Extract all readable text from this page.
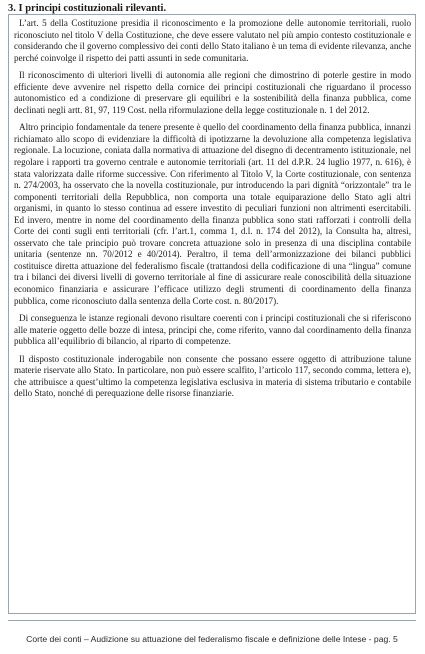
3. I principi costituzionali rilevanti.

L’art. 5 della Costituzione presidia il riconoscimento e la promozione delle autonomie territoriali, ruolo riconosciuto nel titolo V della Costituzione, che deve essere valutato nel più ampio contesto costituzionale e considerando che il governo complessivo dei conti dello Stato italiano è un tema di evidente rilevanza, anche perché coinvolge il rispetto dei patti assunti in sede comunitaria.

Il riconoscimento di ulteriori livelli di autonomia alle regioni che dimostrino di poterle gestire in modo efficiente deve avvenire nel rispetto della cornice dei principi costituzionali che riguardano il processo autonomistico ed a condizione di preservare gli equilibri e la sostenibilità della finanza pubblica, come declinati negli artt. 81, 97, 119 Cost. nella riformulazione della legge costituzionale n. 1 del 2012.

Altro principio fondamentale da tenere presente è quello del coordinamento della finanza pubblica, innanzi richiamato allo scopo di evidenziare la difficoltà di ipotizzarne la devoluzione alla competenza legislativa regionale. La locuzione, coniata dalla normativa di attuazione del disegno di decentramento istituzionale, nel regolare i rapporti tra governo centrale e autonomie territoriali (art. 11 del d.P.R. 24 luglio 1977, n. 616), è stata valorizzata dalle riforme successive. Con riferimento al Titolo V, la Corte costituzionale, con sentenza n. 274/2003, ha osservato che la novella costituzionale, pur introducendo la pari dignità “orizzontale” tra le componenti territoriali della Repubblica, non comporta una totale equiparazione dello Stato agli altri organismi, in quanto lo stesso continua ad essere investito di peculiari funzioni non altrimenti esercitabili. Ed invero, mentre in nome del coordinamento della finanza pubblica sono stati rafforzati i controlli della Corte dei conti sugli enti territoriali (cfr. l’art.1, comma 1, d.l. n. 174 del 2012), la Consulta ha, altresì, osservato che tale principio può trovare concreta attuazione solo in presenza di una disciplina contabile unitaria (sentenze nn. 70/2012 e 40/2014). Peraltro, il tema dell’armonizzazione dei bilanci pubblici costituisce diretta attuazione del federalismo fiscale (trattandosi della codificazione di una “lingua” comune tra i bilanci dei diversi livelli di governo territoriale al fine di assicurare reale conoscibilità della situazione economico finanziaria e assicurare l’efficace utilizzo degli strumenti di coordinamento della finanza pubblica, come riconosciuto dalla sentenza della Corte cost. n. 80/2017).

Di conseguenza le istanze regionali devono risultare coerenti con i principi costituzionali che si riferiscono alle materie oggetto delle bozze di intesa, principi che, come riferito, vanno dal coordinamento della finanza pubblica all’equilibrio di bilancio, al riparto di competenze.

Il disposto costituzionale inderogabile non consente che possano essere oggetto di attribuzione talune materie riservate allo Stato. In particolare, non può essere scalfito, l’articolo 117, secondo comma, lettera e), che attribuisce a quest’ultimo la competenza legislativa esclusiva in materia di sistema tributario e contabile dello Stato, nonché di perequazione delle risorse finanziarie.

Corte dei conti – Audizione su attuazione del federalismo fiscale e definizione delle Intese - pag. 5
